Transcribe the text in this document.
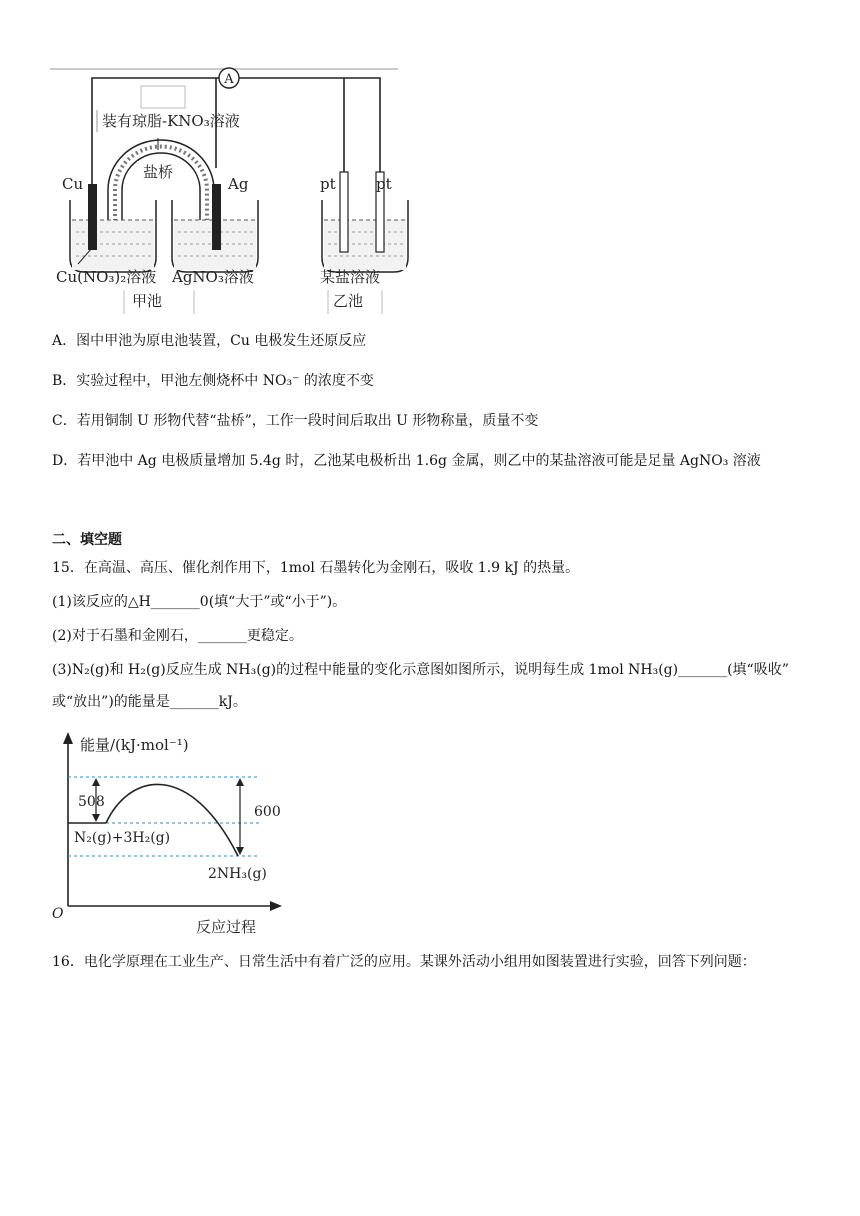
A
装有琼脂-KNO₃溶液
盐桥
Cu	Ag	pt	pt
Cu(NO₃)₂溶液 AgNO₃溶液	某盐溶液
甲池	乙池
A．图中甲池为原电池装置，Cu 电极发生还原反应
B．实验过程中，甲池左侧烧杯中 NO₃⁻ 的浓度不变
C．若用铜制 U 形物代替“盐桥”，工作一段时间后取出 U 形物称量，质量不变
D．若甲池中 Ag 电极质量增加 5.4g 时，乙池某电极析出 1.6g 金属，则乙中的某盐溶液可能是足量 AgNO₃ 溶液
二、填空题
15．在高温、高压、催化剂作用下，1mol 石墨转化为金刚石，吸收 1.9 kJ 的热量。
(1)该反应的△H_______0(填“大于”或“小于”)。
(2)对于石墨和金刚石，_______更稳定。
(3)N₂(g)和 H₂(g)反应生成 NH₃(g)的过程中能量的变化示意图如图所示，说明每生成 1mol NH₃(g)_______(填“吸收”
或“放出”)的能量是_______kJ。
O
能量/(kJ·mol⁻¹)
反应过程
508
600
N₂(g)+3H₂(g)
2NH₃(g)
16．电化学原理在工业生产、日常生活中有着广泛的应用。某课外活动小组用如图装置进行实验，回答下列问题：
